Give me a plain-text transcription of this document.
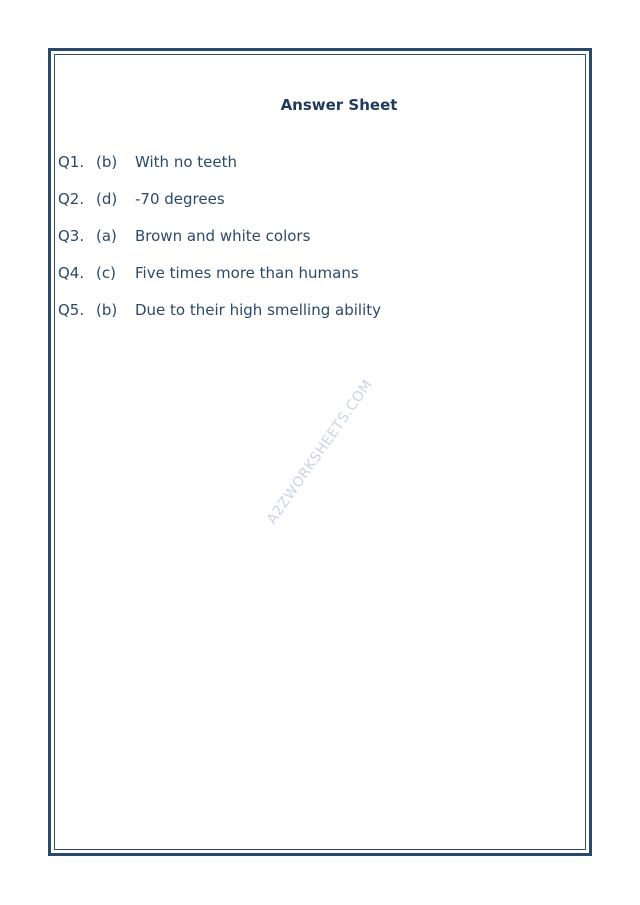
Answer Sheet
Q1. (b)	With no teeth
Q2. (d)	-70 degrees
Q3. (a)	Brown and white colors
Q4. (c)	Five times more than humans
Q5. (b)	Due to their high smelling ability
A2ZWORKSHEETS.COM
